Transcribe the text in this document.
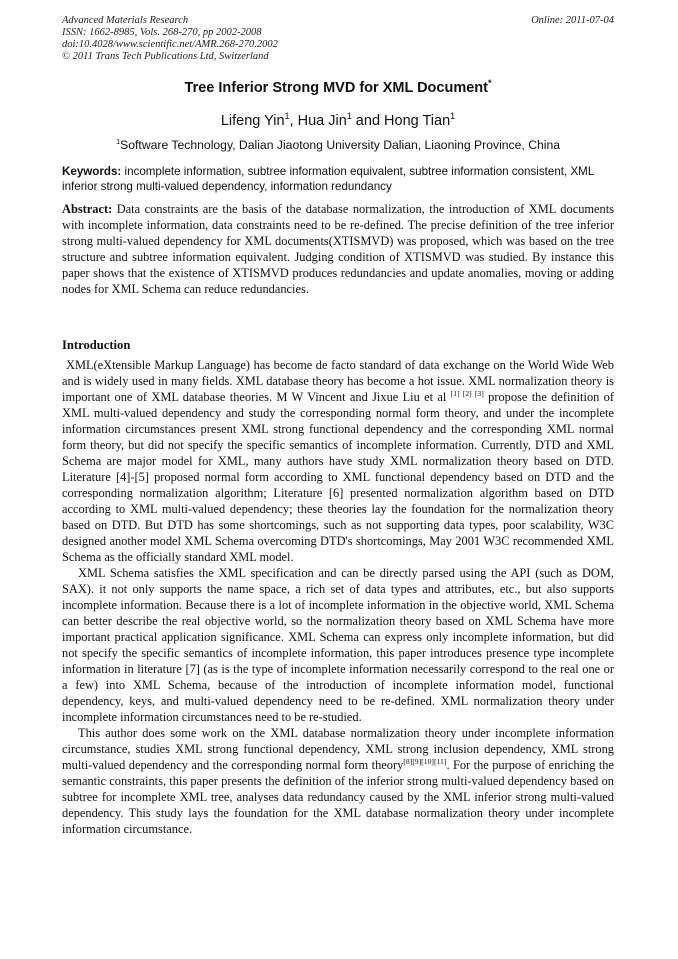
Advanced Materials Research
ISSN: 1662-8985, Vols. 268-270, pp 2002-2008
doi:10.4028/www.scientific.net/AMR.268-270.2002
© 2011 Trans Tech Publications Ltd, Switzerland
Online: 2011-07-04
Tree Inferior Strong MVD for XML Document*
Lifeng Yin$^1$, Hua Jin$^1$ and Hong Tian$^1$
$^1$Software Technology, Dalian Jiaotong University Dalian, Liaoning Province, China
Keywords: incomplete information, subtree information equivalent, subtree information consistent, XML inferior strong multi-valued dependency, information redundancy
Abstract: Data constraints are the basis of the database normalization, the introduction of XML documents with incomplete information, data constraints need to be re-defined. The precise definition of the tree inferior strong multi-valued dependency for XML documents(XTISMVD) was proposed, which was based on the tree structure and subtree information equivalent. Judging condition of XTISMVD was studied. By instance this paper shows that the existence of XTISMVD produces redundancies and update anomalies, moving or adding nodes for XML Schema can reduce redundancies.
Introduction

XML(eXtensible Markup Language) has become de facto standard of data exchange on the World Wide Web and is widely used in many fields. XML database theory has become a hot issue. XML normalization theory is important one of XML database theories. M W Vincent and Jixue Liu et al [1] [2] [3] propose the definition of XML multi-valued dependency and study the corresponding normal form theory, and under the incomplete information circumstances present XML strong functional dependency and the corresponding XML normal form theory, but did not specify the specific semantics of incomplete information. Currently, DTD and XML Schema are major model for XML, many authors have study XML normalization theory based on DTD. Literature [4]-[5] proposed normal form according to XML functional dependency based on DTD and the corresponding normalization algorithm; Literature [6] presented normalization algorithm based on DTD according to XML multi-valued dependency; these theories lay the foundation for the normalization theory based on DTD. But DTD has some shortcomings, such as not supporting data types, poor scalability, W3C designed another model XML Schema overcoming DTD's shortcomings, May 2001 W3C recommended XML Schema as the officially standard XML model.

XML Schema satisfies the XML specification and can be directly parsed using the API (such as DOM, SAX). it not only supports the name space, a rich set of data types and attributes, etc., but also supports incomplete information. Because there is a lot of incomplete information in the objective world, XML Schema can better describe the real objective world, so the normalization theory based on XML Schema have more important practical application significance. XML Schema can express only incomplete information, but did not specify the specific semantics of incomplete information, this paper introduces presence type incomplete information in literature [7] (as is the type of incomplete information necessarily correspond to the real one or a few) into XML Schema, because of the introduction of incomplete information model, functional dependency, keys, and multi-valued dependency need to be re-defined. XML normalization theory under incomplete information circumstances need to be re-studied.

This author does some work on the XML database normalization theory under incomplete information circumstance, studies XML strong functional dependency, XML strong inclusion dependency, XML strong multi-valued dependency and the corresponding normal form theory[8][9][10][11]. For the purpose of enriching the semantic constraints, this paper presents the definition of the inferior strong multi-valued dependency based on subtree for incomplete XML tree, analyses data redundancy caused by the XML inferior strong multi-valued dependency. This study lays the foundation for the XML database normalization theory under incomplete information circumstance.
